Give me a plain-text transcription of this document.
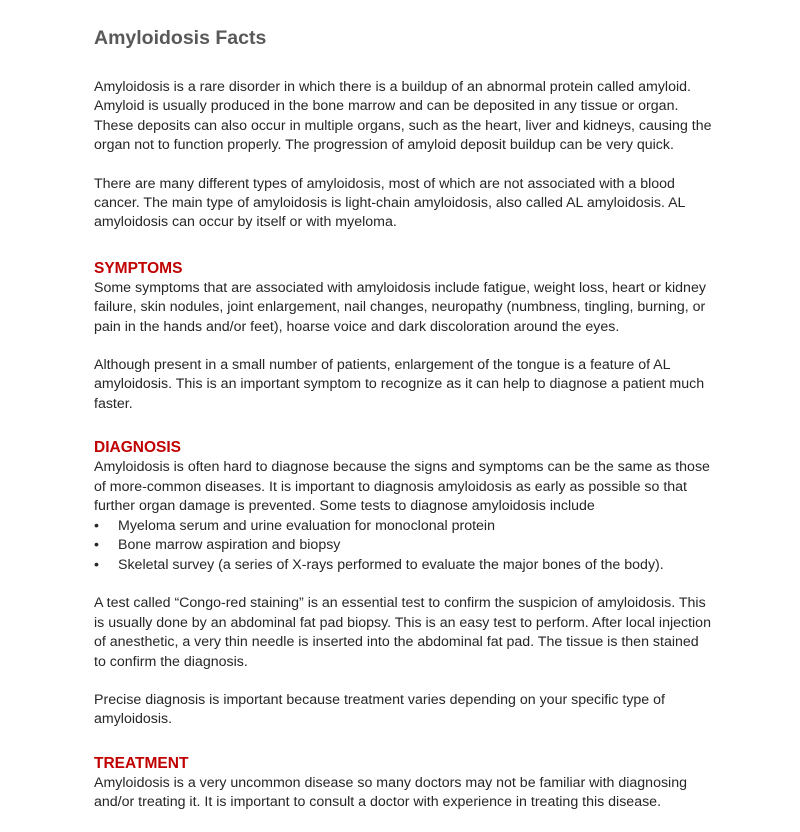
Amyloidosis Facts

Amyloidosis is a rare disorder in which there is a buildup of an abnormal protein called amyloid. Amyloid is usually produced in the bone marrow and can be deposited in any tissue or organ. These deposits can also occur in multiple organs, such as the heart, liver and kidneys, causing the organ not to function properly. The progression of amyloid deposit buildup can be very quick.

There are many different types of amyloidosis, most of which are not associated with a blood cancer. The main type of amyloidosis is light-chain amyloidosis, also called AL amyloidosis. AL amyloidosis can occur by itself or with myeloma.

SYMPTOMS

Some symptoms that are associated with amyloidosis include fatigue, weight loss, heart or kidney failure, skin nodules, joint enlargement, nail changes, neuropathy (numbness, tingling, burning, or pain in the hands and/or feet), hoarse voice and dark discoloration around the eyes.

Although present in a small number of patients, enlargement of the tongue is a feature of AL amyloidosis. This is an important symptom to recognize as it can help to diagnose a patient much faster.

DIAGNOSIS

Amyloidosis is often hard to diagnose because the signs and symptoms can be the same as those of more-common diseases. It is important to diagnosis amyloidosis as early as possible so that further organ damage is prevented. Some tests to diagnose amyloidosis include

• Myeloma serum and urine evaluation for monoclonal protein
• Bone marrow aspiration and biopsy
• Skeletal survey (a series of X-rays performed to evaluate the major bones of the body).

A test called “Congo-red staining” is an essential test to confirm the suspicion of amyloidosis. This is usually done by an abdominal fat pad biopsy. This is an easy test to perform. After local injection of anesthetic, a very thin needle is inserted into the abdominal fat pad. The tissue is then stained to confirm the diagnosis.

Precise diagnosis is important because treatment varies depending on your specific type of amyloidosis.

TREATMENT

Amyloidosis is a very uncommon disease so many doctors may not be familiar with diagnosing and/or treating it. It is important to consult a doctor with experience in treating this disease.
